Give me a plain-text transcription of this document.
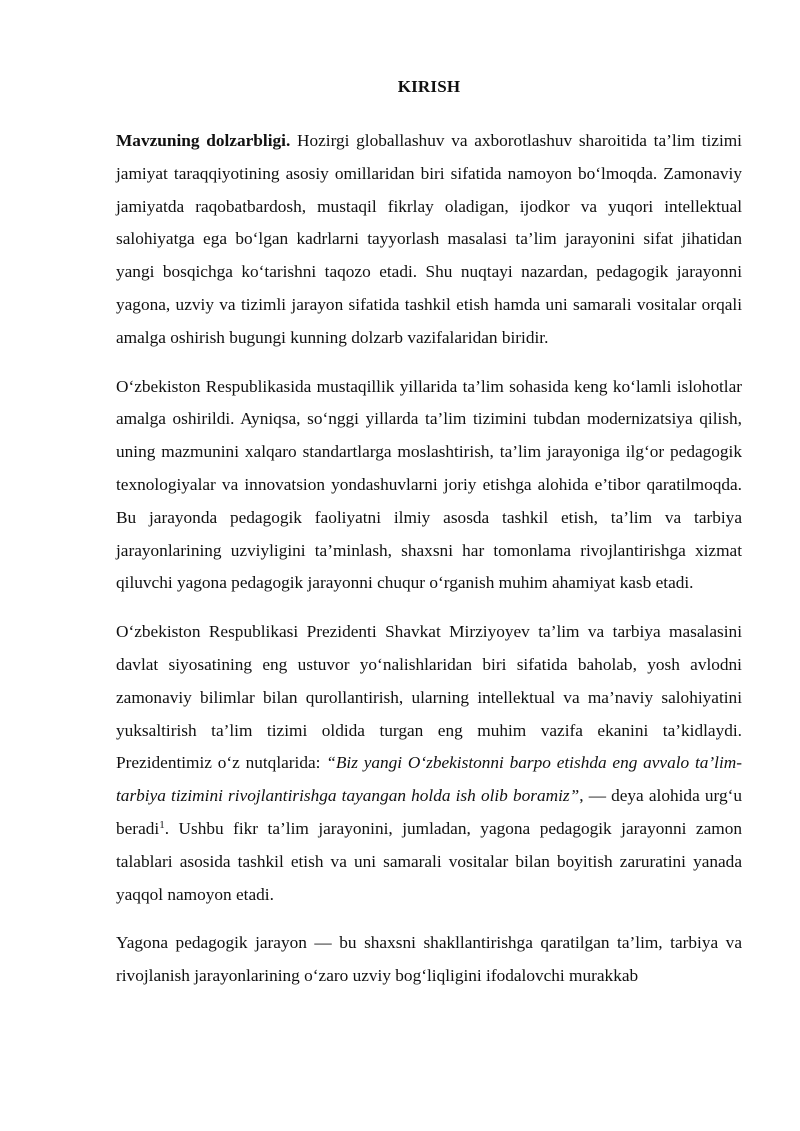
KIRISH

Mavzuning dolzarbligi. Hozirgi globallashuv va axborotlashuv sharoitida ta’lim tizimi jamiyat taraqqiyotining asosiy omillaridan biri sifatida namoyon bo‘lmoqda. Zamonaviy jamiyatda raqobatbardosh, mustaqil fikrlay oladigan, ijodkor va yuqori intellektual salohiyatga ega bo‘lgan kadrlarni tayyorlash masalasi ta’lim jarayonini sifat jihatidan yangi bosqichga ko‘tarishni taqozo etadi. Shu nuqtayi nazardan, pedagogik jarayonni yagona, uzviy va tizimli jarayon sifatida tashkil etish hamda uni samarali vositalar orqali amalga oshirish bugungi kunning dolzarb vazifalaridan biridir.

O‘zbekiston Respublikasida mustaqillik yillarida ta’lim sohasida keng ko‘lamli islohotlar amalga oshirildi. Ayniqsa, so‘nggi yillarda ta’lim tizimini tubdan modernizatsiya qilish, uning mazmunini xalqaro standartlarga moslashtirish, ta’lim jarayoniga ilg‘or pedagogik texnologiyalar va innovatsion yondashuvlarni joriy etishga alohida e’tibor qaratilmoqda. Bu jarayonda pedagogik faoliyatni ilmiy asosda tashkil etish, ta’lim va tarbiya jarayonlarining uzviyligini ta’minlash, shaxsni har tomonlama rivojlantirishga xizmat qiluvchi yagona pedagogik jarayonni chuqur o‘rganish muhim ahamiyat kasb etadi.

O‘zbekiston Respublikasi Prezidenti Shavkat Mirziyoyev ta’lim va tarbiya masalasini davlat siyosatining eng ustuvor yo‘nalishlaridan biri sifatida baholab, yosh avlodni zamonaviy bilimlar bilan qurollantirish, ularning intellektual va ma’naviy salohiyatini yuksaltirish ta’lim tizimi oldida turgan eng muhim vazifa ekanini ta’kidlaydi. Prezidentimiz o‘z nutqlarida: “Biz yangi O‘zbekistonni barpo etishda eng avvalo ta’lim-tarbiya tizimini rivojlantirishga tayangan holda ish olib boramiz”, — deya alohida urg‘u beradi$^1$. Ushbu fikr ta’lim jarayonini, jumladan, yagona pedagogik jarayonni zamon talablari asosida tashkil etish va uni samarali vositalar bilan boyitish zaruratini yanada yaqqol namoyon etadi.

Yagona pedagogik jarayon — bu shaxsni shakllantirishga qaratilgan ta’lim, tarbiya va rivojlanish jarayonlarining o‘zaro uzviy bog‘liqligini ifodalovchi murakkab
